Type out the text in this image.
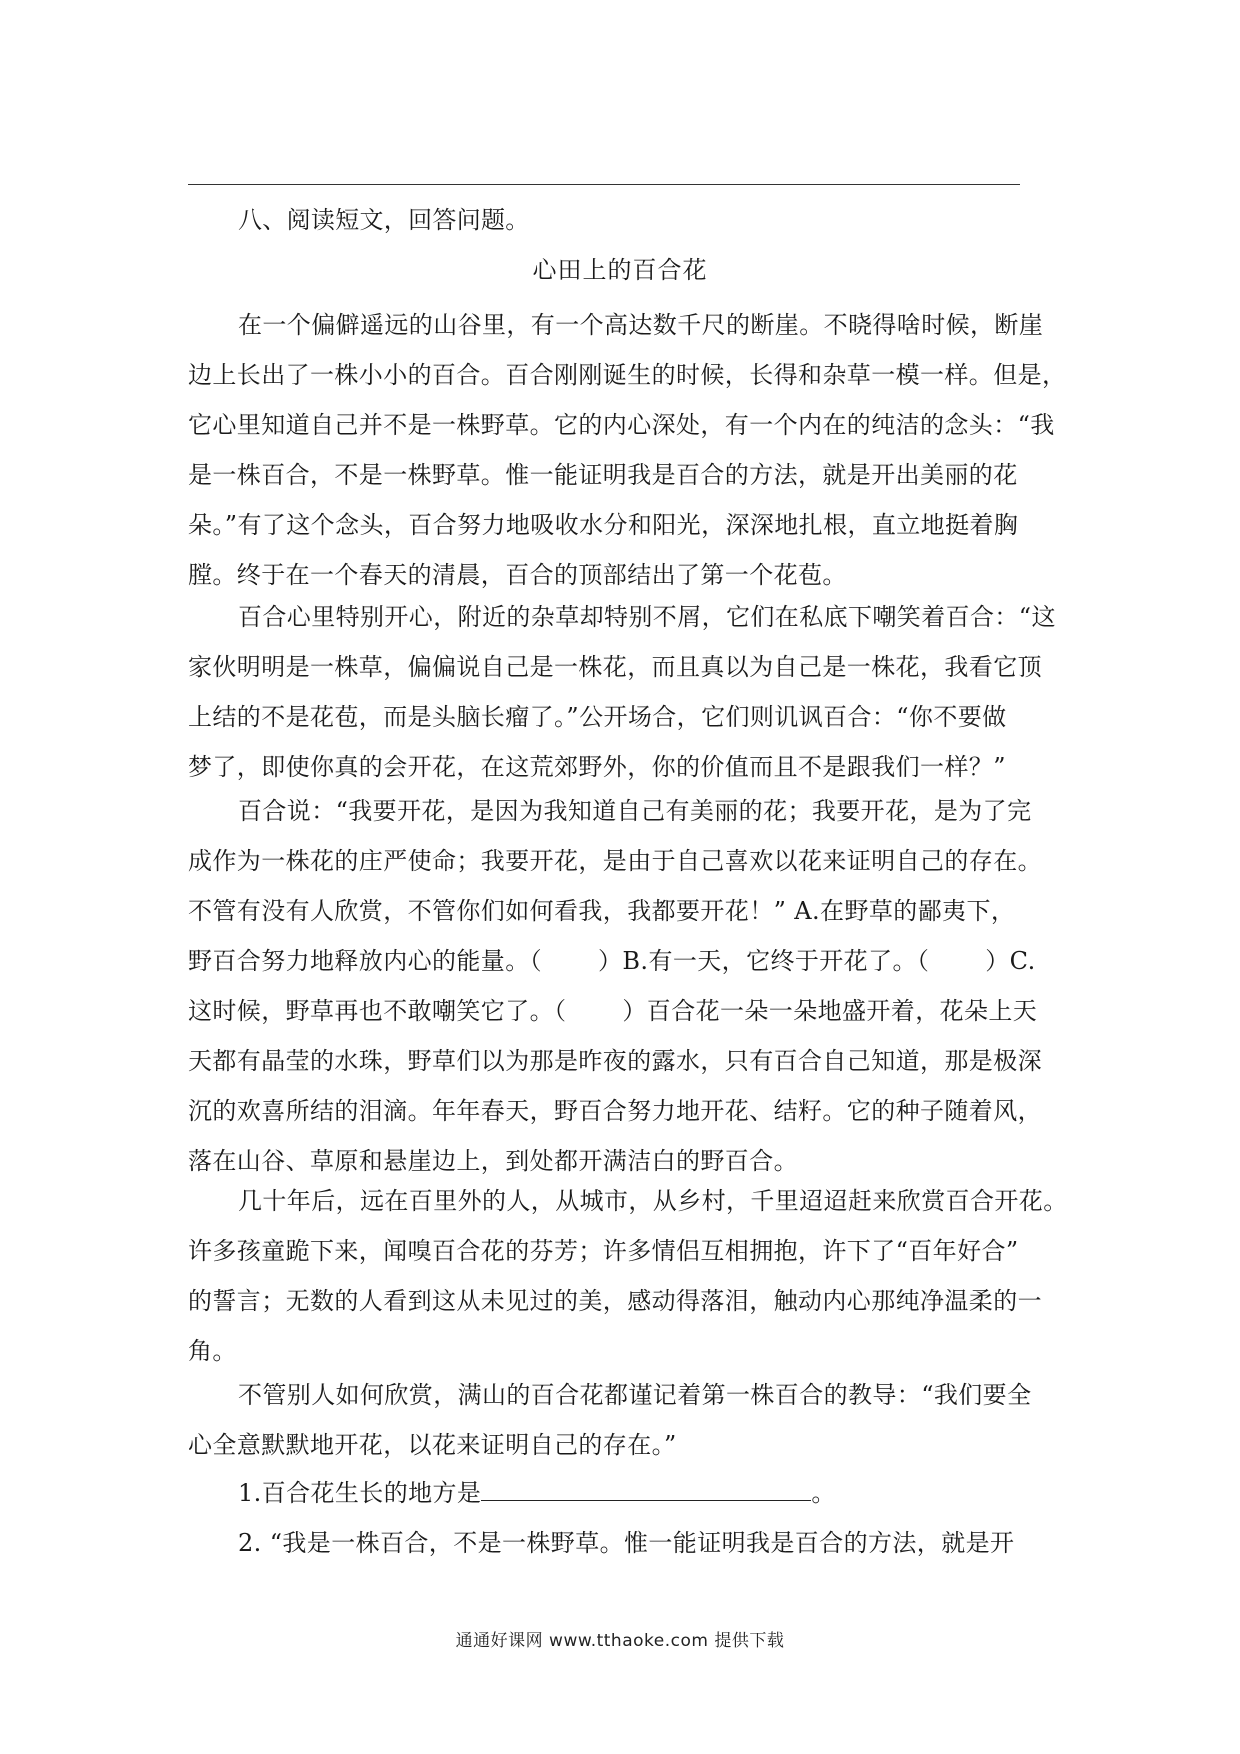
八、阅读短文，回答问题。
心田上的百合花
在一个偏僻遥远的山谷里，有一个高达数千尺的断崖。不晓得啥时候，断崖
边上长出了一株小小的百合。百合刚刚诞生的时候，长得和杂草一模一样。但是，
它心里知道自己并不是一株野草。它的内心深处，有一个内在的纯洁的念头：“我
是一株百合，不是一株野草。惟一能证明我是百合的方法，就是开出美丽的花
朵。”有了这个念头，百合努力地吸收水分和阳光，深深地扎根，直立地挺着胸
膛。终于在一个春天的清晨，百合的顶部结出了第一个花苞。
百合心里特别开心，附近的杂草却特别不屑，它们在私底下嘲笑着百合：“这
家伙明明是一株草，偏偏说自己是一株花，而且真以为自己是一株花，我看它顶
上结的不是花苞，而是头脑长瘤了。”公开场合，它们则讥讽百合：“你不要做
梦了，即使你真的会开花，在这荒郊野外，你的价值而且不是跟我们一样？”
百合说：“我要开花，是因为我知道自己有美丽的花；我要开花，是为了完
成作为一株花的庄严使命；我要开花，是由于自己喜欢以花来证明自己的存在。
不管有没有人欣赏，不管你们如何看我，我都要开花！” A.在野草的鄙夷下，
野百合努力地释放内心的能量。（ ）B.有一天，它终于开花了。（ ）C.
这时候，野草再也不敢嘲笑它了。（ ）百合花一朵一朵地盛开着，花朵上天
天都有晶莹的水珠，野草们以为那是昨夜的露水，只有百合自己知道，那是极深
沉的欢喜所结的泪滴。年年春天，野百合努力地开花、结籽。它的种子随着风，
落在山谷、草原和悬崖边上，到处都开满洁白的野百合。
几十年后，远在百里外的人，从城市，从乡村，千里迢迢赶来欣赏百合开花。
许多孩童跪下来，闻嗅百合花的芬芳；许多情侣互相拥抱，许下了“百年好合”
的誓言；无数的人看到这从未见过的美，感动得落泪，触动内心那纯净温柔的一
角。
不管别人如何欣赏，满山的百合花都谨记着第一株百合的教导：“我们要全
心全意默默地开花，以花来证明自己的存在。”
1.百合花生长的地方是	。
2. “我是一株百合，不是一株野草。惟一能证明我是百合的方法，就是开
通通好课网 www.tthaoke.com 提供下载
